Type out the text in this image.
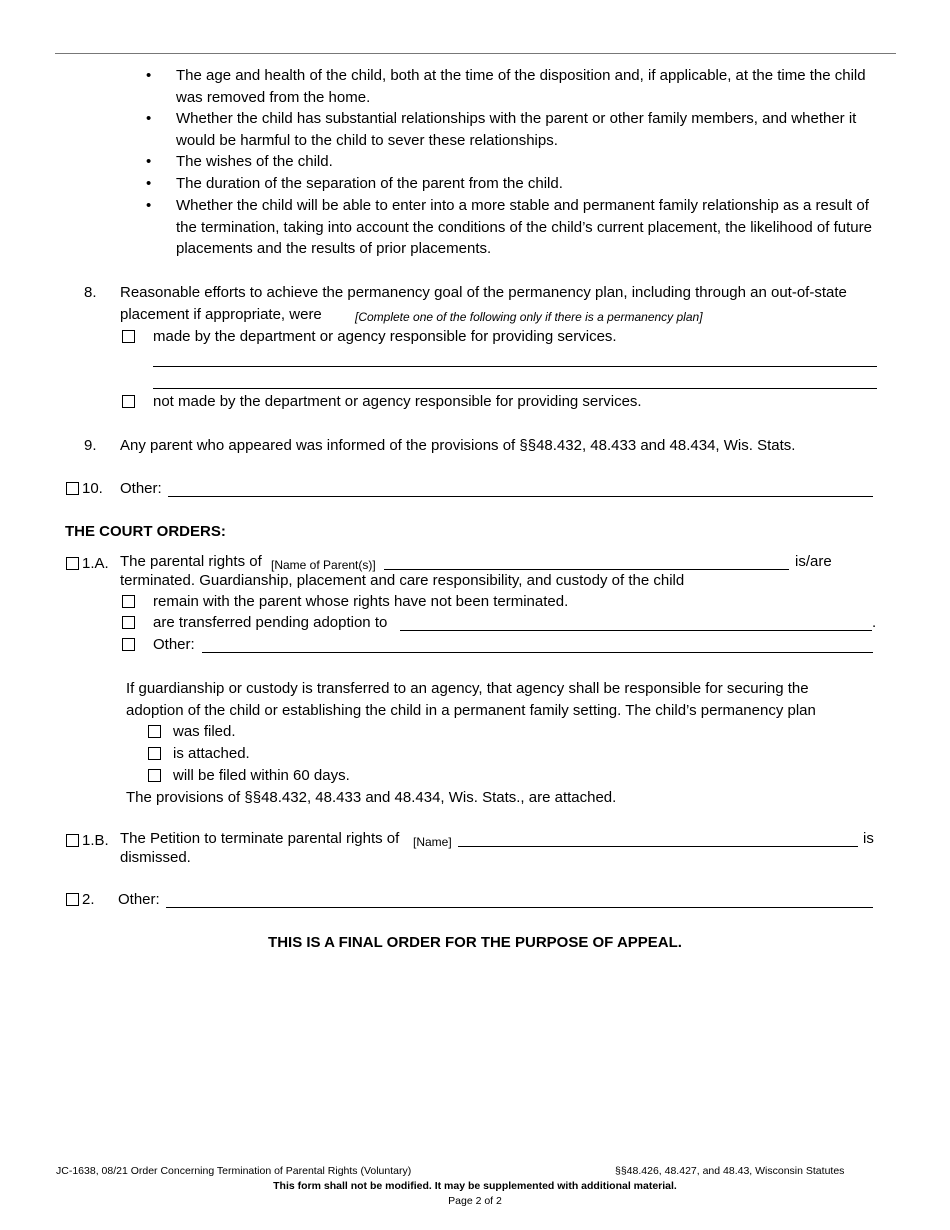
• The age and health of the child, both at the time of the disposition and, if applicable, at the time the child was removed from the home.
• Whether the child has substantial relationships with the parent or other family members, and whether it would be harmful to the child to sever these relationships.
• The wishes of the child.
• The duration of the separation of the parent from the child.
• Whether the child will be able to enter into a more stable and permanent family relationship as a result of the termination, taking into account the conditions of the child’s current placement, the likelihood of future placements and the results of prior placements.
8. Reasonable efforts to achieve the permanency goal of the permanency plan, including through an out-of-state
placement if appropriate, were	[Complete one of the following only if there is a permanency plan]
made by the department or agency responsible for providing services.
not made by the department or agency responsible for providing services.
9. Any parent who appeared was informed of the provisions of §§48.432, 48.433 and 48.434, Wis. Stats.
10. Other:
THE COURT ORDERS:
1.A. The parental rights of [Name of Parent(s)]	is/are
terminated. Guardianship, placement and care responsibility, and custody of the child
remain with the parent whose rights have not been terminated.
are transferred pending adoption to	.
Other:
If guardianship or custody is transferred to an agency, that agency shall be responsible for securing the
adoption of the child or establishing the child in a permanent family setting. The child’s permanency plan
was filed.
is attached.
will be filed within 60 days.
The provisions of §§48.432, 48.433 and 48.434, Wis. Stats., are attached.
1.B. The Petition to terminate parental rights of [Name]	is
dismissed.
2. Other:
THIS IS A FINAL ORDER FOR THE PURPOSE OF APPEAL.
JC-1638, 08/21 Order Concerning Termination of Parental Rights (Voluntary)	§§48.426, 48.427, and 48.43, Wisconsin Statutes
This form shall not be modified. It may be supplemented with additional material.
Page 2 of 2
